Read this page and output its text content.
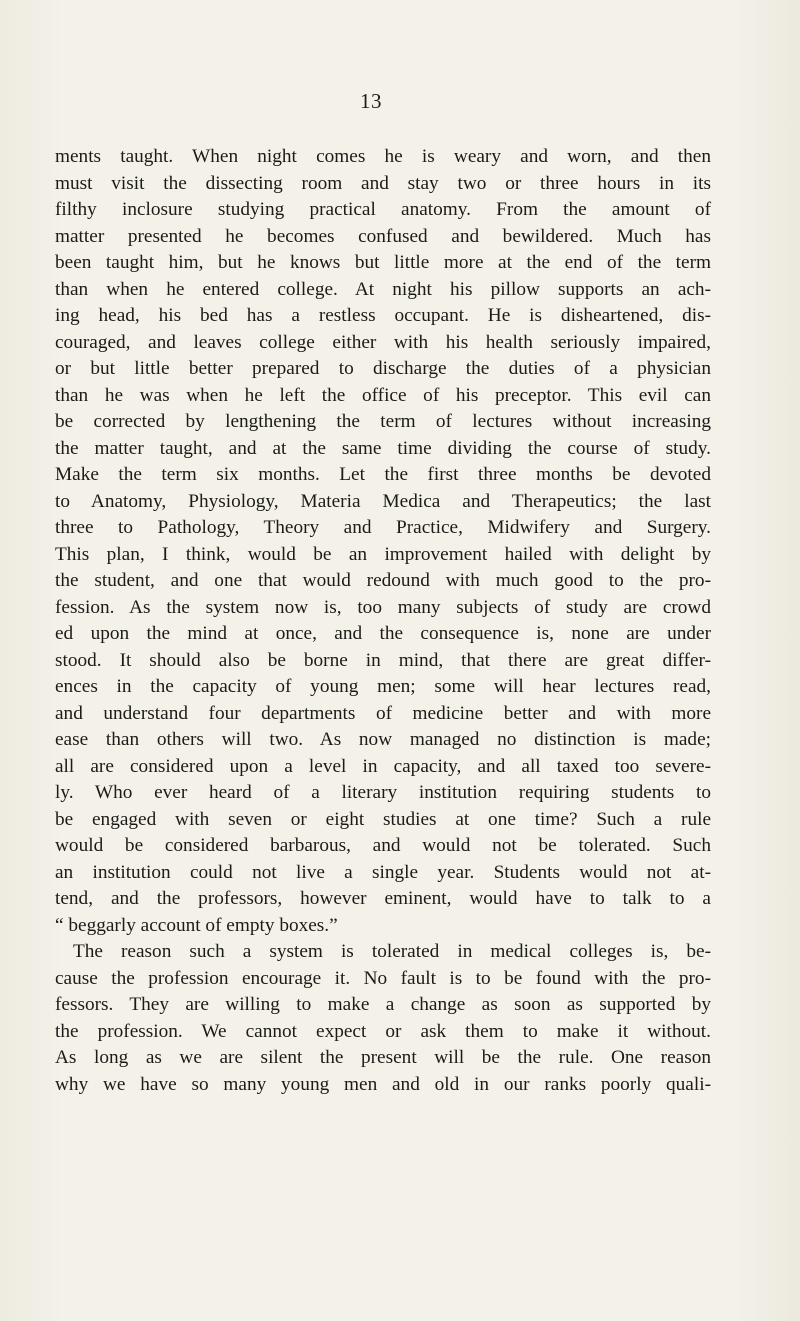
13
ments taught. When night comes he is weary and worn, and then
must visit the dissecting room and stay two or three hours in its
filthy inclosure studying practical anatomy. From the amount of
matter presented he becomes confused and bewildered. Much has
been taught him, but he knows but little more at the end of the term
than when he entered college. At night his pillow supports an ach-
ing head, his bed has a restless occupant. He is disheartened, dis-
couraged, and leaves college either with his health seriously impaired,
or but little better prepared to discharge the duties of a physician
than he was when he left the office of his preceptor. This evil can
be corrected by lengthening the term of lectures without increasing
the matter taught, and at the same time dividing the course of study.
Make the term six months. Let the first three months be devoted
to Anatomy, Physiology, Materia Medica and Therapeutics; the last
three to Pathology, Theory and Practice, Midwifery and Surgery.
This plan, I think, would be an improvement hailed with delight by
the student, and one that would redound with much good to the pro-
fession. As the system now is, too many subjects of study are crowd
ed upon the mind at once, and the consequence is, none are under
stood. It should also be borne in mind, that there are great differ-
ences in the capacity of young men; some will hear lectures read,
and understand four departments of medicine better and with more
ease than others will two. As now managed no distinction is made;
all are considered upon a level in capacity, and all taxed too severe-
ly. Who ever heard of a literary institution requiring students to
be engaged with seven or eight studies at one time? Such a rule
would be considered barbarous, and would not be tolerated. Such
an institution could not live a single year. Students would not at-
tend, and the professors, however eminent, would have to talk to a
“ beggarly account of empty boxes.”
The reason such a system is tolerated in medical colleges is, be-
cause the profession encourage it. No fault is to be found with the pro-
fessors. They are willing to make a change as soon as supported by
the profession. We cannot expect or ask them to make it without.
As long as we are silent the present will be the rule. One reason
why we have so many young men and old in our ranks poorly quali-
